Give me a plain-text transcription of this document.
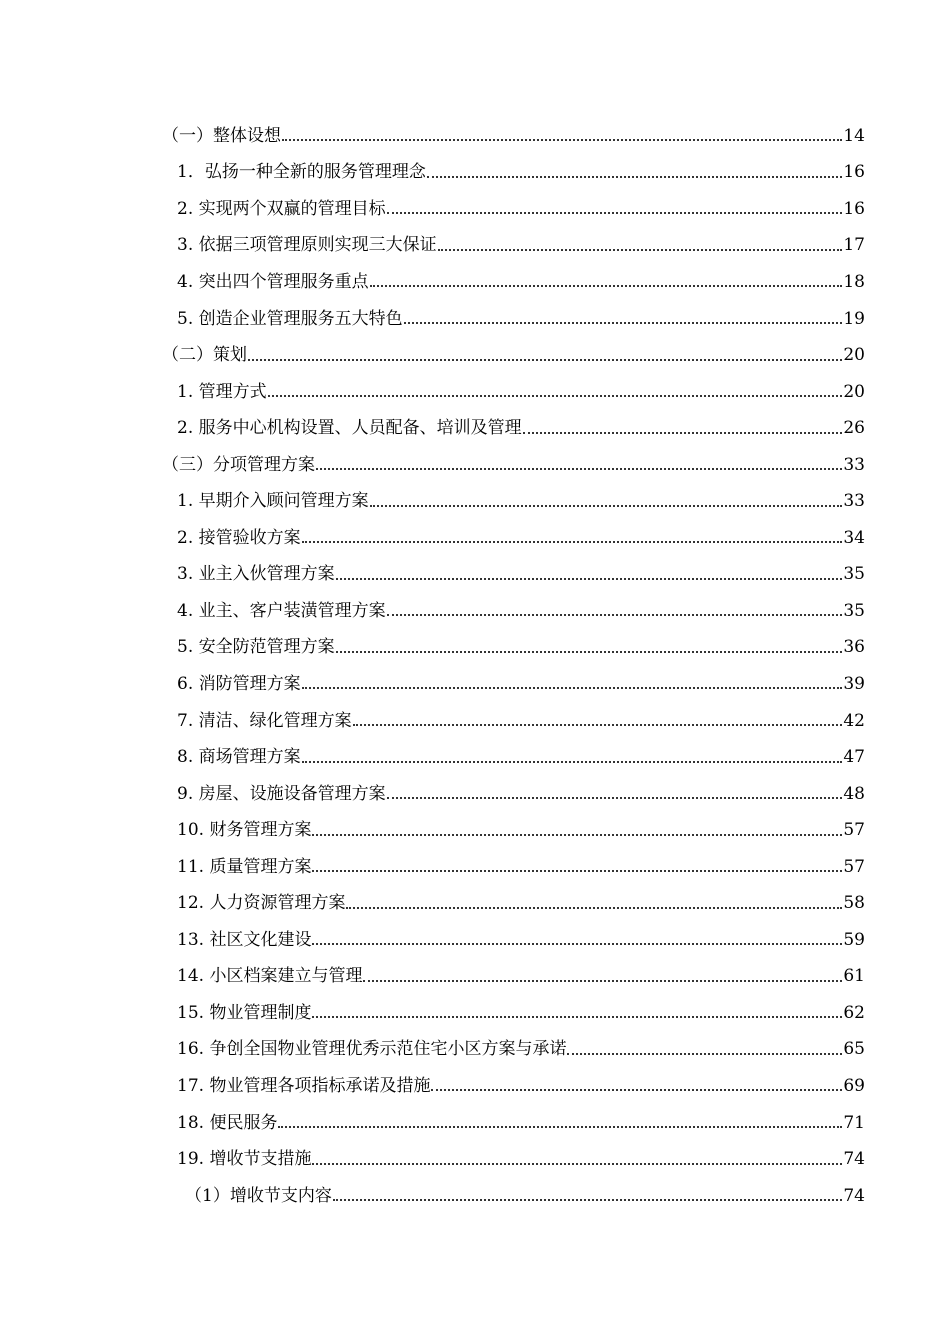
（一）整体设想	14
1．弘扬一种全新的服务管理理念	16
2. 实现两个双赢的管理目标	16
3. 依据三项管理原则实现三大保证	17
4. 突出四个管理服务重点	18
5. 创造企业管理服务五大特色	19
（二）策划	20
1. 管理方式	20
2. 服务中心机构设置、人员配备、培训及管理	26
（三）分项管理方案	33
1. 早期介入顾问管理方案	33
2. 接管验收方案	34
3. 业主入伙管理方案	35
4. 业主、客户装潢管理方案	35
5. 安全防范管理方案	36
6. 消防管理方案	39
7. 清洁、绿化管理方案	42
8. 商场管理方案	47
9. 房屋、设施设备管理方案	48
10. 财务管理方案	57
11. 质量管理方案	57
12. 人力资源管理方案	58
13. 社区文化建设	59
14. 小区档案建立与管理	61
15. 物业管理制度	62
16. 争创全国物业管理优秀示范住宅小区方案与承诺	65
17. 物业管理各项指标承诺及措施	69
18. 便民服务	71
19. 增收节支措施	74
（1）增收节支内容	74
